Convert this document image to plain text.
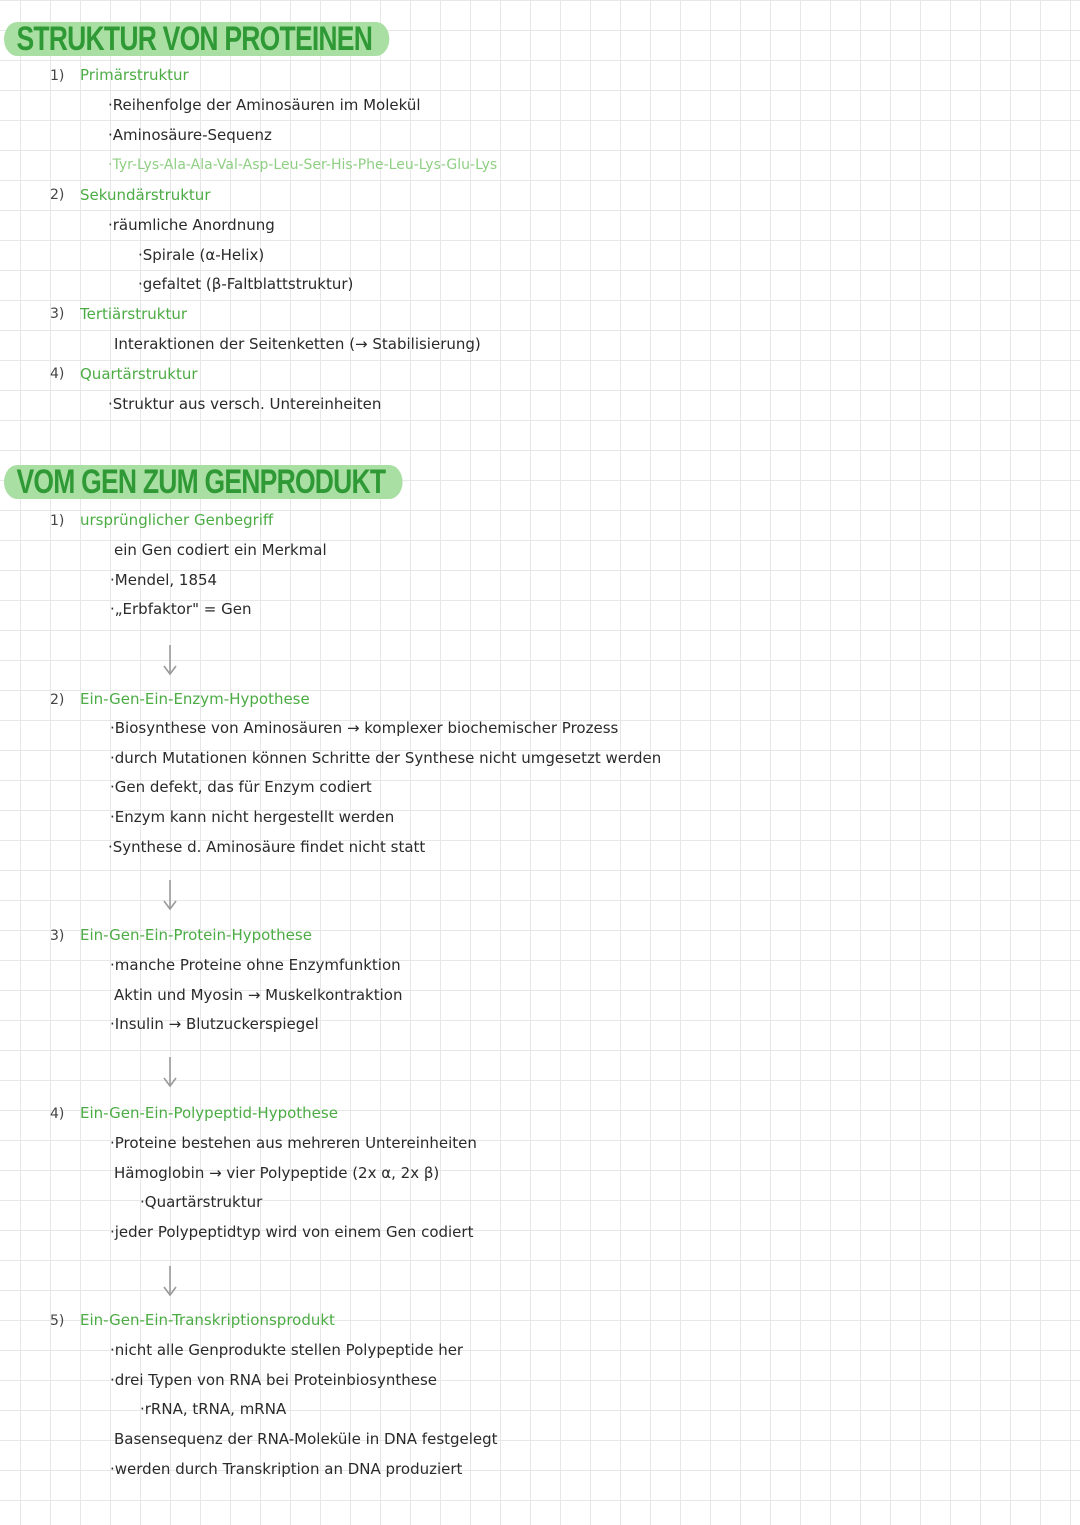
STRUKTUR VON PROTEINEN
1) Primärstruktur
·Reihenfolge der Aminosäuren im Molekül
·Aminosäure-Sequenz
·Tyr-Lys-Ala-Ala-Val-Asp-Leu-Ser-His-Phe-Leu-Lys-Glu-Lys
2) Sekundärstruktur
·räumliche Anordnung
·Spirale (α-Helix)
·gefaltet (β-Faltblattstruktur)
3) Tertiärstruktur
Interaktionen der Seitenketten (→ Stabilisierung)
4) Quartärstruktur
·Struktur aus versch. Untereinheiten
VOM GEN ZUM GENPRODUKT
1) ursprünglicher Genbegriff
ein Gen codiert ein Merkmal
·Mendel, 1854
·„Erbfaktor" = Gen
2) Ein-Gen-Ein-Enzym-Hypothese
·Biosynthese von Aminosäuren → komplexer biochemischer Prozess
·durch Mutationen können Schritte der Synthese nicht umgesetzt werden
·Gen defekt, das für Enzym codiert
·Enzym kann nicht hergestellt werden
·Synthese d. Aminosäure findet nicht statt
3) Ein-Gen-Ein-Protein-Hypothese
·manche Proteine ohne Enzymfunktion
Aktin und Myosin → Muskelkontraktion
·Insulin → Blutzuckerspiegel
4) Ein-Gen-Ein-Polypeptid-Hypothese
·Proteine bestehen aus mehreren Untereinheiten
Hämoglobin → vier Polypeptide (2x α, 2x β)
·Quartärstruktur
·jeder Polypeptidtyp wird von einem Gen codiert
5) Ein-Gen-Ein-Transkriptionsprodukt
·nicht alle Genprodukte stellen Polypeptide her
·drei Typen von RNA bei Proteinbiosynthese
·rRNA, tRNA, mRNA
Basensequenz der RNA-Moleküle in DNA festgelegt
·werden durch Transkription an DNA produziert
